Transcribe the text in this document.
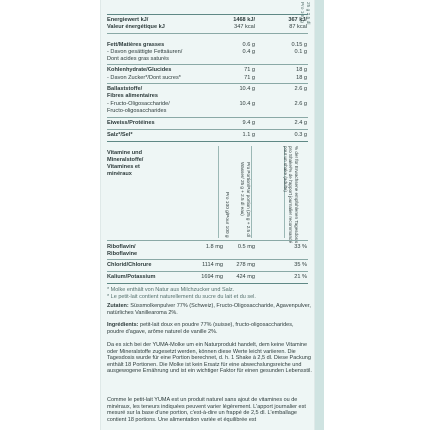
Pro 100 g 25 g 2,5 dl
Energiewert kJ/	1468 kJ/	367 kJ/
Valeur énergétique kJ	347 kcal	87 kcal
Fett/Matières grasses	0.6 g	0.15 g
- Davon gesättigte Fettsäuren/	0.4 g	0.1 g
Dont acides gras saturés
Kohlenhydrate/Glucides	71 g	18 g
- Davon Zucker*/Dont sucres*	71 g	18 g
Ballaststoffe/	10.4 g	2.6 g
Fibres alimentaires
- Fructo-Oligosaccharide/	10.4 g	2.6 g
Fructo-oligosaccharides
Eiweiss/Protéines	9.4 g	2.4 g
Salz*/Sel*	1.1 g	0.3 g
Vitamine und
Mineralstoffe/
Vitamines et
minéraux
Pro 100 g/Pour 100 g	Pro Portion/Par portion (25 g + 2.5 dl Wasser/ 25 g + 2.5 dl eau)	% der für Erwachsene empfohlenen Tagesdosis pro Shake/% de l'apport journalier recommandé pour un shake (adulte)
Riboflavin/	1.8 mg	0.5 mg	33 %
Riboflavine
Chlorid/Chlorure	1114 mg	278 mg	35 %
Kalium/Potassium	1694 mg	424 mg	21 %
* Molke enthält von Natur aus Milchzucker und Salz.
* Le petit-lait contient naturellement du sucre du lait et du sel.
Zutaten: Süssmolkenpulver 77% (Schweiz), Fructo-Oligosaccharide, Agavenpulver, natürliches Vanillearoma 2%.
Ingrédients: petit-lait doux en poudre 77% (suisse), fructo-oligosaccharides, poudre d'agave, arôme naturel de vanille 2%.
Da es sich bei der YUMA-Molke um ein Naturprodukt handelt, dem keine Vitamine oder Mineralstoffe zugesetzt werden, können diese Werte leicht variieren. Die Tagesdosis wurde für eine Portion berechnet, d. h. 1 Shake à 2,5 dl. Diese Packung enthält 18 Portionen. Die Molke ist kein Ersatz für eine abwechslungsreiche und ausgewogene Ernährung und ist ein wichtiger Faktor für einen gesunden Lebensstil.
Comme le petit-lait YUMA est un produit naturel sans ajout de vitamines ou de minéraux, les teneurs indiquées peuvent varier légèrement. L'apport journalier est mesuré sur la base d'une portion, c'est-à-dire un frappé de 2,5 dl. L'emballage contient 18 portions. Une alimentation variée et équilibrée est
